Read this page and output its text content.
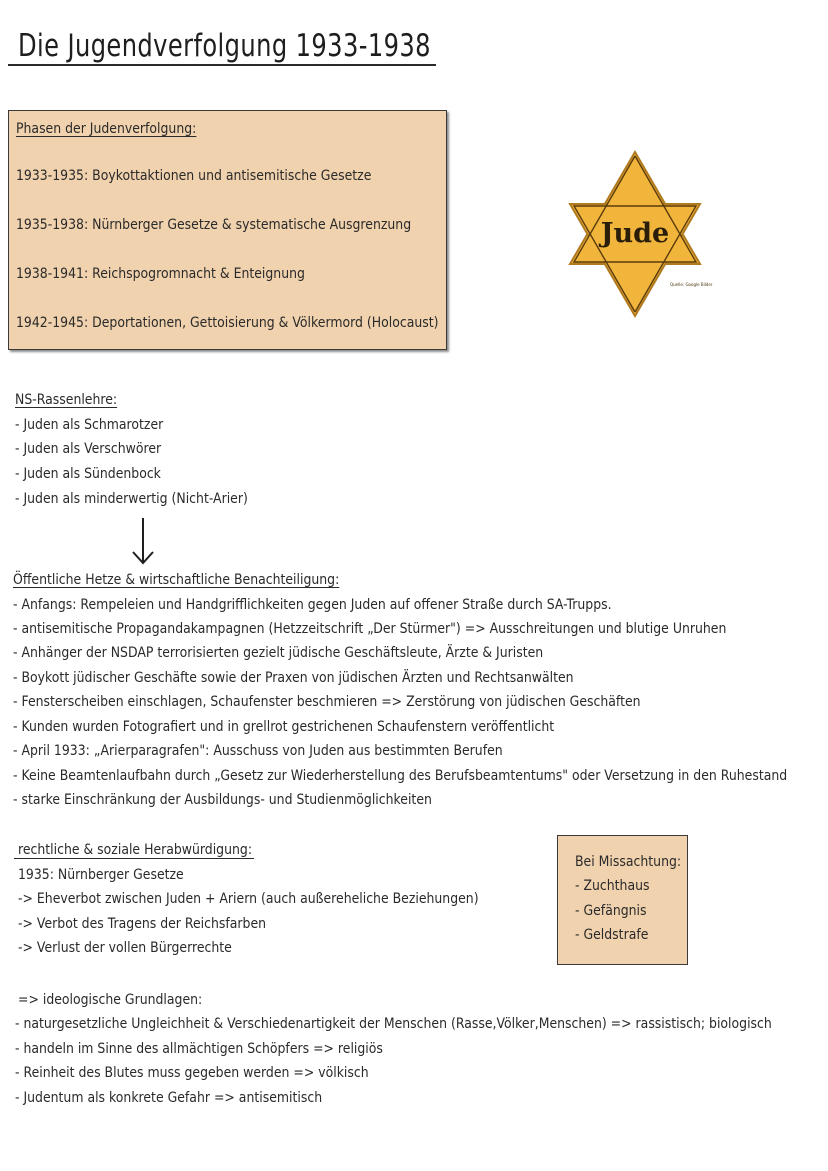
Die Jugendverfolgung 1933-1938
Phasen der Judenverfolgung:
1933-1935: Boykottaktionen und antisemitische Gesetze
1935-1938: Nürnberger Gesetze & systematische Ausgrenzung
1938-1941: Reichspogromnacht & Enteignung
1942-1945: Deportationen, Gettoisierung & Völkermord (Holocaust)
Jude
Quelle: Google Bilder
NS-Rassenlehre:
- Juden als Schmarotzer
- Juden als Verschwörer
- Juden als Sündenbock
- Juden als minderwertig (Nicht-Arier)
Öffentliche Hetze & wirtschaftliche Benachteiligung:
- Anfangs: Rempeleien und Handgrifflichkeiten gegen Juden auf offener Straße durch SA-Trupps.
- antisemitische Propagandakampagnen (Hetzzeitschrift „Der Stürmer") => Ausschreitungen und blutige Unruhen
- Anhänger der NSDAP terrorisierten gezielt jüdische Geschäftsleute, Ärzte & Juristen
- Boykott jüdischer Geschäfte sowie der Praxen von jüdischen Ärzten und Rechtsanwälten
- Fensterscheiben einschlagen, Schaufenster beschmieren => Zerstörung von jüdischen Geschäften
- Kunden wurden Fotografiert und in grellrot gestrichenen Schaufenstern veröffentlicht
- April 1933: „Arierparagrafen": Ausschuss von Juden aus bestimmten Berufen
- Keine Beamtenlaufbahn durch „Gesetz zur Wiederherstellung des Berufsbeamtentums" oder Versetzung in den Ruhestand
- starke Einschränkung der Ausbildungs- und Studienmöglichkeiten
rechtliche & soziale Herabwürdigung:
1935: Nürnberger Gesetze
-> Eheverbot zwischen Juden + Ariern (auch außereheliche Beziehungen)
-> Verbot des Tragens der Reichsfarben
-> Verlust der vollen Bürgerrechte
Bei Missachtung:
- Zuchthaus
- Gefängnis
- Geldstrafe
=> ideologische Grundlagen:
- naturgesetzliche Ungleichheit & Verschiedenartigkeit der Menschen (Rasse,Völker,Menschen) => rassistisch; biologisch
- handeln im Sinne des allmächtigen Schöpfers => religiös
- Reinheit des Blutes muss gegeben werden => völkisch
- Judentum als konkrete Gefahr => antisemitisch
